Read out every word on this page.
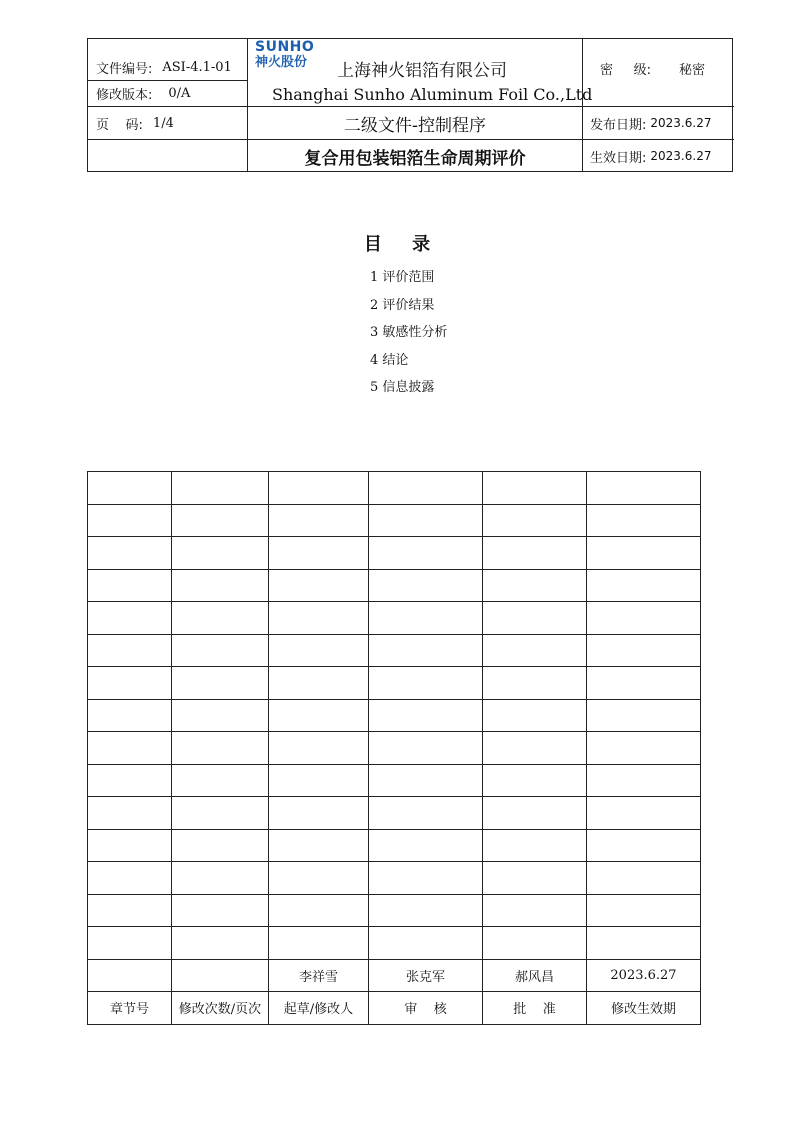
文件编号: ASI-4.1-01
修改版本: 0/A
页    码: 1/4
SUNHO
神火股份	上海神火铝箔有限公司
Shanghai Sunho Aluminum Foil Co.,Ltd
二级文件-控制程序
复合用包装铝箔生命周期评价
密     级: 秘密
发布日期: 2023.6.27
生效日期: 2023.6.27
目 录
1 评价范围
2 评价结果
3 敏感性分析
4 结论
5 信息披露

		李祥雪	张克军	郝风昌	2023.6.27
章节号	修改次数/页次	起草/修改人	审    核	批    准	修改生效期
